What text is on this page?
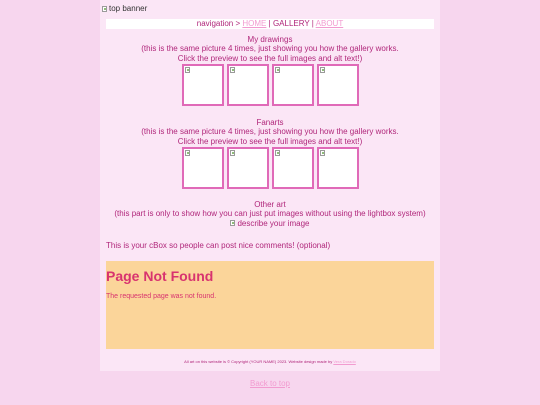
top banner
navigation > HOME | GALLERY | ABOUT
My drawings
(this is the same picture 4 times, just showing you how the gallery works.
Click the preview to see the full images and alt text!)
Fanarts
(this is the same picture 4 times, just showing you how the gallery works.
Click the preview to see the full images and alt text!)
Other art
(this part is only to show how you can just put images without using the lightbox system)
describe your image
This is your cBox so people can post nice comments! (optional)
Page Not Found

The requested page was not found.

All art on this website is © Copyright (YOUR NAME) 2023. Website design made by Vera Dorado
Back to top
